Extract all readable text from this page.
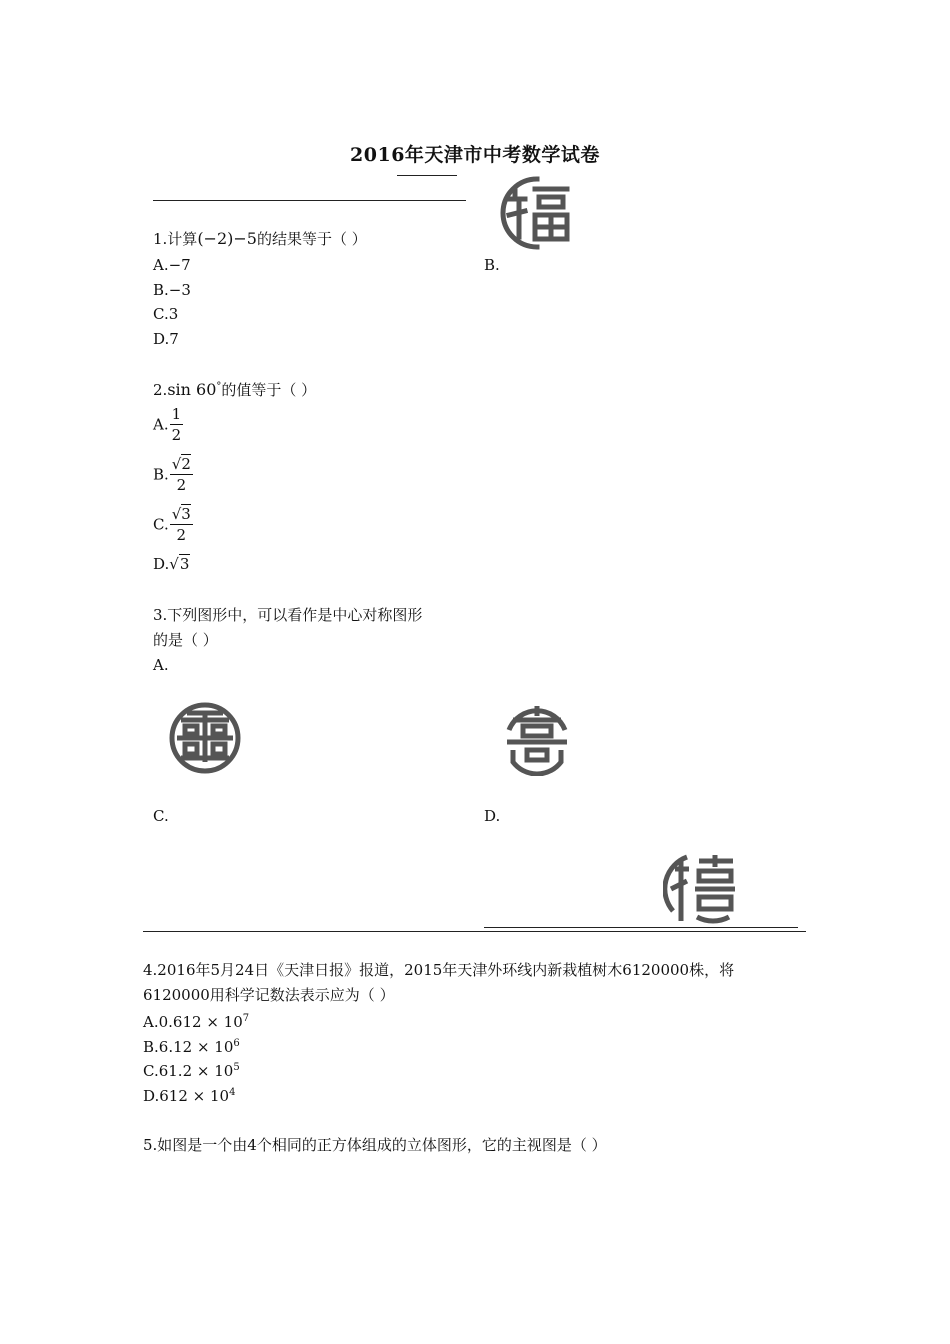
2016年天津市中考数学试卷
1.计算(−2)−5的结果等于（ ）
A.−7
B.−3
C.3
D.7
2.sin 60°的值等于（ ）
A. $\frac{1}{2}$
B. $\frac{√2}{2}$
C. $\frac{√3}{2}$
D.√3
3.下列图形中，可以看作是中心对称图形
的是（ ）
A.
B.
C.	D.
4.2016年5月24日《天津日报》报道，2015年天津外环线内新栽植树木6120000株，将
6120000用科学记数法表示应为（ ）
$A.0.612 \times 10^7$
$B.6.12 \times 10^6$
$C.61.2 \times 10^5$
$D.612 \times 10^4$
5.如图是一个由4个相同的正方体组成的立体图形，它的主视图是（ ）
